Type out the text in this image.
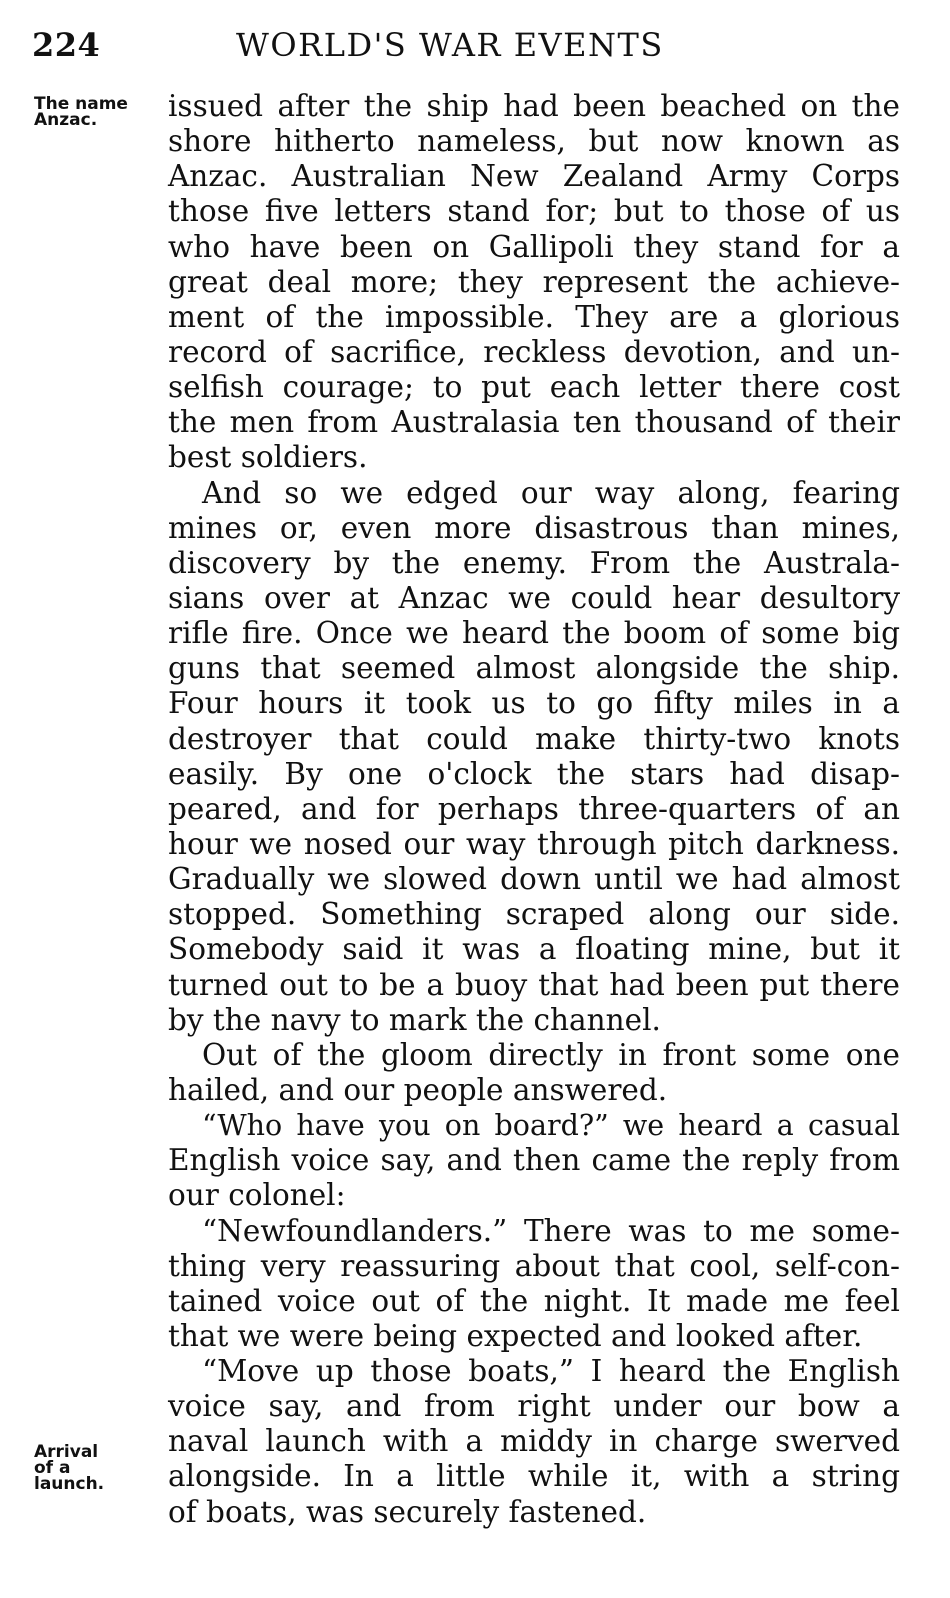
224	WORLD'S WAR EVENTS
The name
Anzac.
Arrival
of a
launch.
issued after the ship had been beached on the
shore hitherto nameless, but now known as
Anzac. Australian New Zealand Army Corps
those five letters stand for; but to those of us
who have been on Gallipoli they stand for a
great deal more; they represent the achieve-
ment of the impossible. They are a glorious
record of sacrifice, reckless devotion, and un-
selfish courage; to put each letter there cost
the men from Australasia ten thousand of their
best soldiers.
And so we edged our way along, fearing
mines or, even more disastrous than mines,
discovery by the enemy. From the Australa-
sians over at Anzac we could hear desultory
rifle fire. Once we heard the boom of some big
guns that seemed almost alongside the ship.
Four hours it took us to go fifty miles in a
destroyer that could make thirty-two knots
easily. By one o'clock the stars had disap-
peared, and for perhaps three-quarters of an
hour we nosed our way through pitch darkness.
Gradually we slowed down until we had almost
stopped. Something scraped along our side.
Somebody said it was a floating mine, but it
turned out to be a buoy that had been put there
by the navy to mark the channel.
Out of the gloom directly in front some one
hailed, and our people answered.
“Who have you on board?” we heard a casual
English voice say, and then came the reply from
our colonel:
“Newfoundlanders.” There was to me some-
thing very reassuring about that cool, self-con-
tained voice out of the night. It made me feel
that we were being expected and looked after.
“Move up those boats,” I heard the English
voice say, and from right under our bow a
naval launch with a middy in charge swerved
alongside. In a little while it, with a string
of boats, was securely fastened.
